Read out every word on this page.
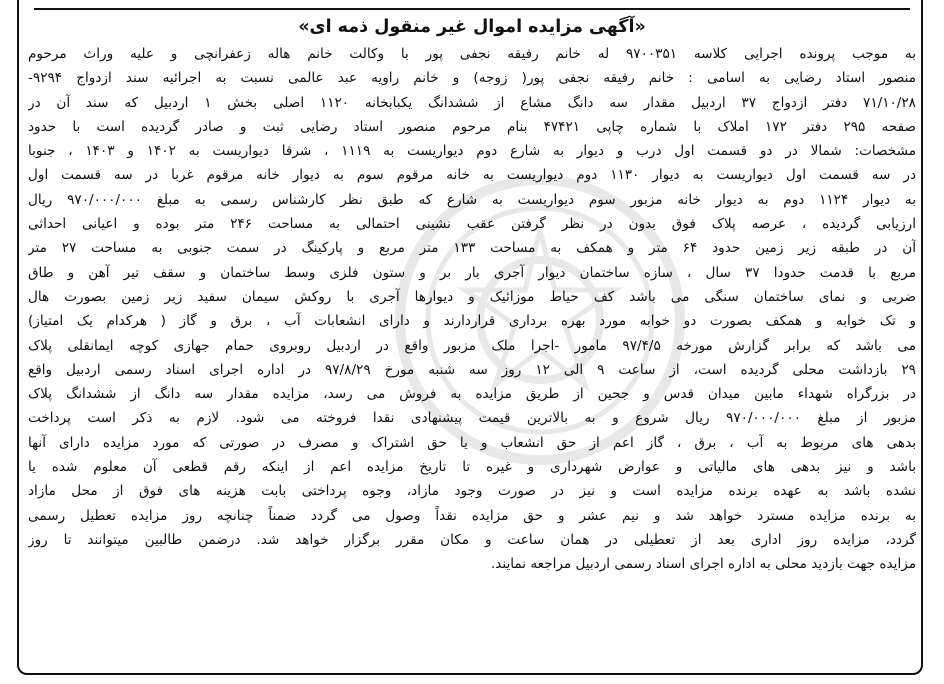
«آگهی مزایده اموال غیر منقول ذمه ای»
به موجب پرونده اجرایی کلاسه ۹۷۰۰۳۵۱ له خانم رفیقه نجفی پور با وکالت خانم هاله زعفرانچی و علیه وراث مرحوم
منصور استاد رضایی به اسامی : خانم رفیقه نجفی پور( زوجه) و خانم راویه عبد عالمی نسبت به اجرائیه سند ازدواج ۹۲۹۴-
۷۱/۱۰/۲۸ دفتر ازدواج ۳۷ اردبیل مقدار سه دانگ مشاع از ششدانگ یکبابخانه ۱۱۲۰ اصلی بخش ۱ اردبیل که سند آن در
صفحه ۲۹۵ دفتر ۱۷۲ املاک با شماره چاپی ۴۷۴۲۱ بنام مرحوم منصور استاد رضایی ثبت و صادر گردیده است با حدود
مشخصات: شمالا در دو قسمت اول درب و دیوار به شارع دوم دیواریست به ۱۱۱۹ ، شرقا دیواریست به ۱۴۰۲ و ۱۴۰۳ ، جنوبا
در سه قسمت اول دیواریست به دیوار ۱۱۳۰ دوم دیواریست به خانه مرقوم سوم به دیوار خانه مرقوم غربا در سه قسمت اول
به دیوار ۱۱۲۴ دوم به دیوار خانه مزبور سوم دیواریست به شارع که طبق نظر کارشناس رسمی به مبلغ ۹۷۰/۰۰۰/۰۰۰ ریال
ارزیابی گردیده ، عرصه پلاک فوق بدون در نظر گرفتن عقب نشینی احتمالی به مساحت ۲۴۶ متر بوده و اعیانی احداثی
آن در طبقه زیر زمین حدود ۶۴ متر و همکف به مساحت ۱۳۳ متر مربع و پارکینگ در سمت جنوبی به مساحت ۲۷ متر
مربع با قدمت حدودا ۳۷ سال ، سازه ساختمان دیوار آجری بار بر و ستون فلزی وسط ساختمان و سقف تیر آهن و طاق
ضربی و نمای ساختمان سنگی می باشد کف حیاط موزائیک و دیوارها آجری با روکش سیمان سفید زیر زمین بصورت هال
و تک خوابه و همکف بصورت دو خوابه مورد بهره برداری قراردارند و دارای انشعابات آب ، برق و گاز ( هرکدام یک امتیاز)
می باشد که برابر گزارش مورخه ۹۷/۴/۵ مامور -اجرا ملک مزبور واقع در اردبیل روبروی حمام جهازی کوچه ایمانقلی پلاک
۲۹ بازداشت محلی گردیده است، از ساعت ۹ الی ۱۲ روز سه شنبه مورخ ۹۷/۸/۲۹ در اداره اجرای اسناد رسمی اردبیل واقع
در بزرگراه شهداء مابین میدان قدس و جحین از طریق مزایده به فروش می رسد، مزایده مقدار سه دانگ از ششدانگ پلاک
مزبور از مبلغ ۹۷۰/۰۰۰/۰۰۰ ریال شروع و به بالاترین قیمت پیشنهادی نقدا فروخته می شود. لازم به ذکر است پرداخت
بدهی های مربوط به آب ، برق ، گاز اعم از حق انشعاب و یا حق اشتراک و مصرف در صورتی که مورد مزایده دارای آنها
باشد و نیز بدهی های مالیاتی و عوارض شهرداری و غیره تا تاریخ مزایده اعم از اینکه رقم قطعی آن معلوم شده یا
نشده باشد به عهده برنده مزایده است و نیز در صورت وجود مازاد، وجوه پرداختی بابت هزینه های فوق از محل مازاد
به برنده مزایده مسترد خواهد شد و نیم عشر و حق مزایده نقداً وصول می گردد ضمناً چنانچه روز مزایده تعطیل رسمی
گردد، مزایده روز اداری بعد از تعطیلی در همان ساعت و مکان مقرر برگزار خواهد شد. درضمن طالبین میتوانند تا روز
مزایده جهت بازدید محلی به اداره اجرای اسناد رسمی اردبیل مراجعه نمایند.
